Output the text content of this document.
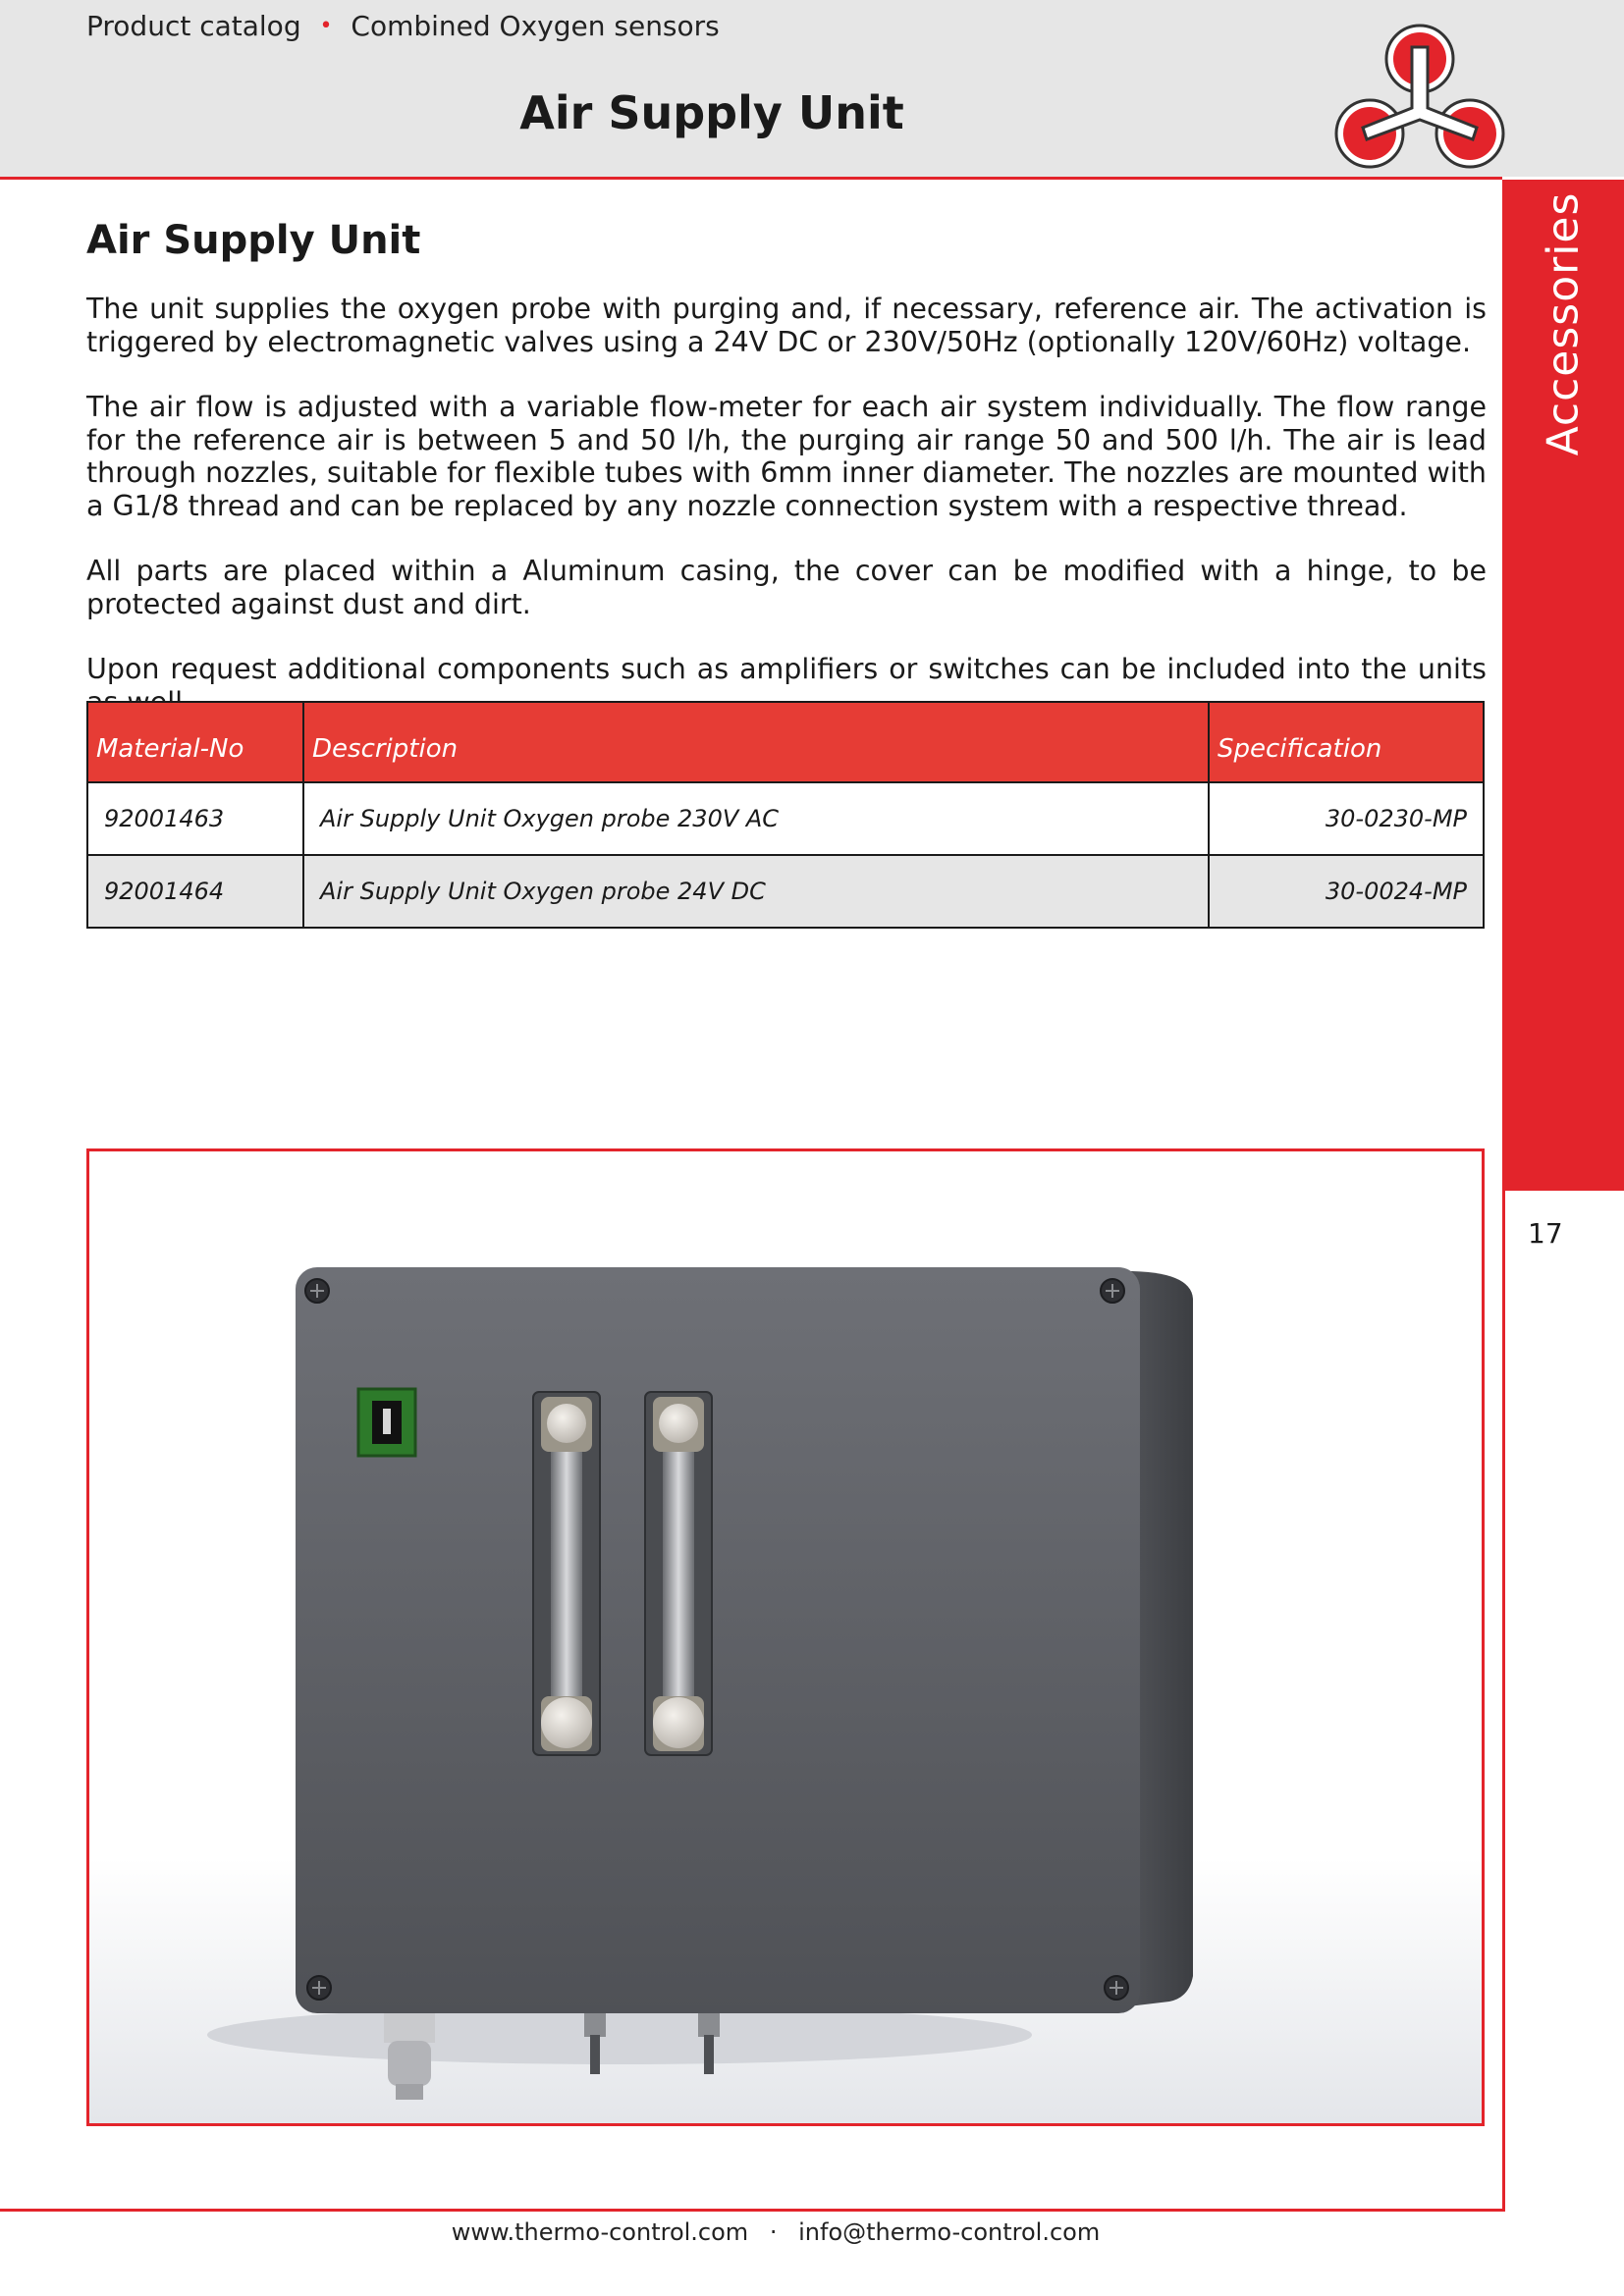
Product catalog • Combined Oxygen sensors
Air Supply Unit
Accessories
17
Air Supply Unit

The unit supplies the oxygen probe with purging and, if necessary, reference air. The activation is triggered by electromagnetic valves using a 24V DC or 230V/50Hz (optionally 120V/60Hz) voltage.

The air flow is adjusted with a variable flow-meter for each air system individually. The flow range for the reference air is between 5 and 50 l/h, the purging air range 50 and 500 l/h. The air is lead through nozzles, suitable for flexible tubes with 6mm inner diameter. The nozzles are mounted with a G1/8 thread and can be replaced by any nozzle connection system with a respective thread.

All parts are placed within a Aluminum casing, the cover can be modified with a hinge, to be protected against dust and dirt.

Upon request additional components such as amplifiers or switches can be included into the units

Material-No	Description	Specification
92001463	Air Supply Unit Oxygen probe 230V AC	30-0230-MP
92001464	Air Supply Unit Oxygen probe 24V DC	30-0024-MP
www.thermo-control.com · info@thermo-control.com
